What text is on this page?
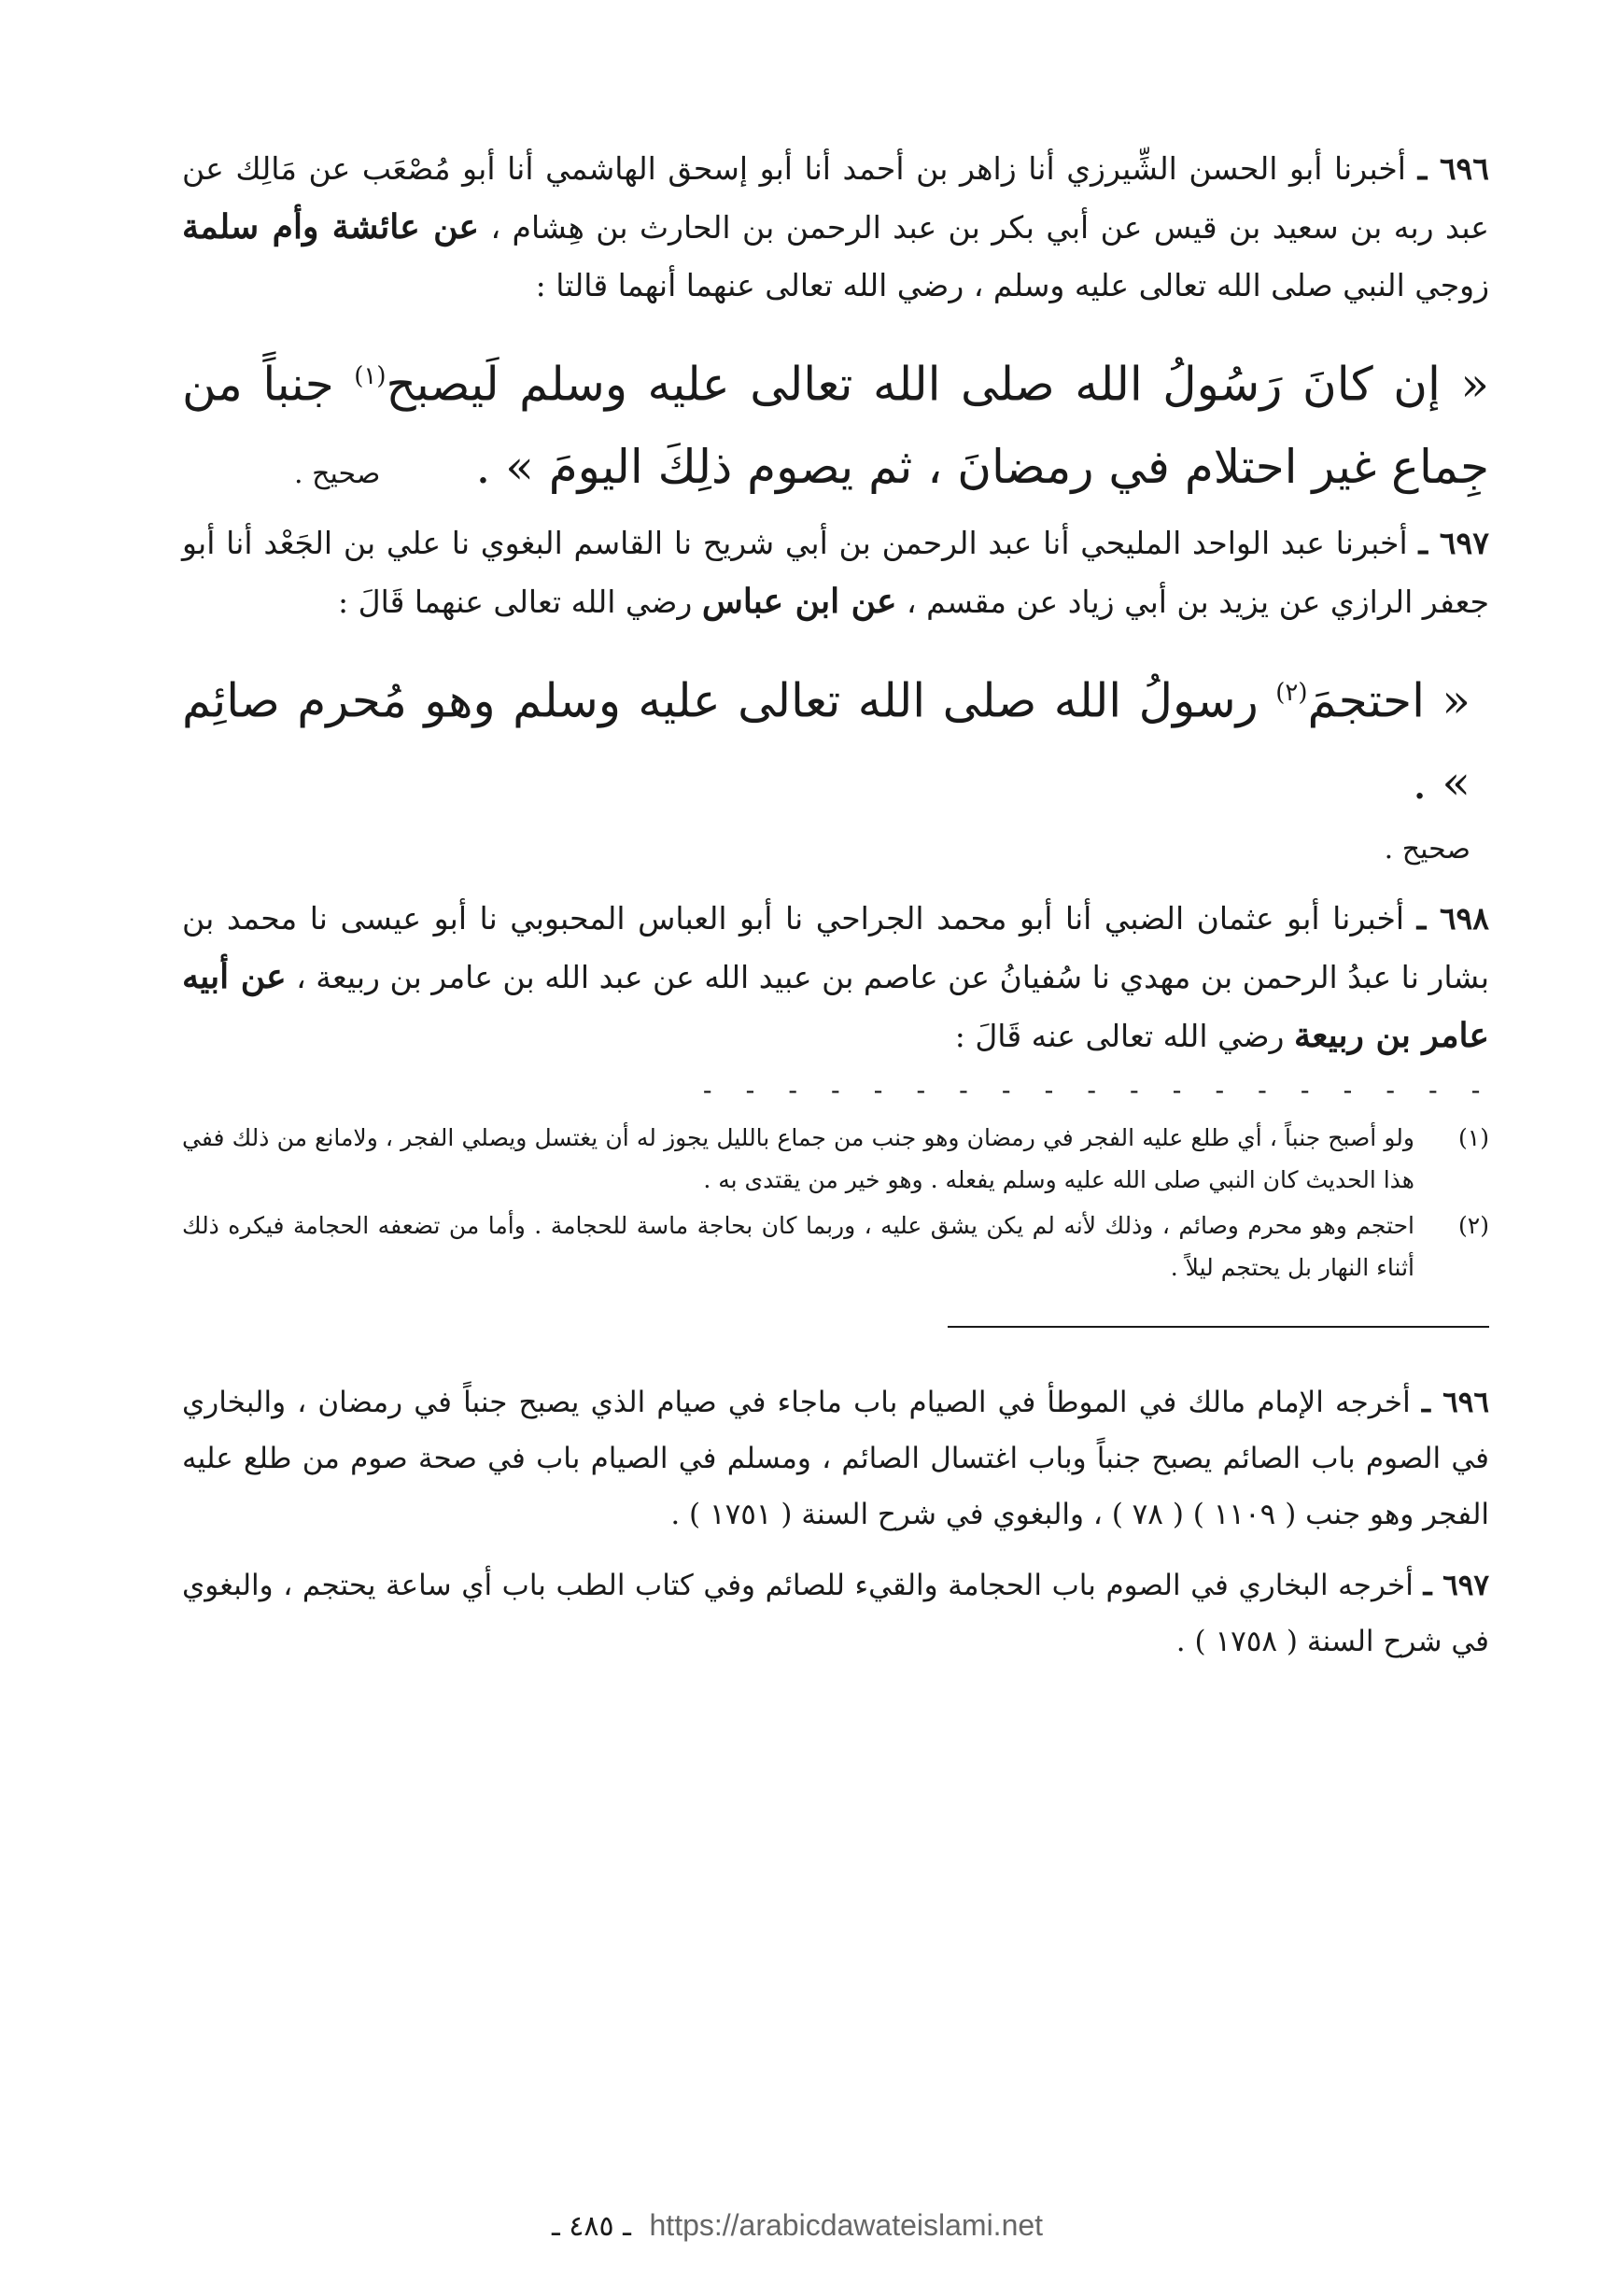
٦٩٦ ـ أخبرنا أبو الحسن الشِّيرزي أنا زاهر بن أحمد أنا أبو إسحق الهاشمي أنا أبو مُصْعَب عن مَالِك عن عبد ربه بن سعيد بن قيس عن أبي بكر بن عبد الرحمن بن الحارث بن هِشام ، عن عائشة وأم سلمة زوجي النبي صلى الله تعالى عليه وسلم ، رضي الله تعالى عنهما أنهما قالتا :

« إن كانَ رَسُولُ الله صلى الله تعالى عليه وسلم لَيصبح$^{(١)}$ جنباً من جِماع غير احتلام في رمضانَ ، ثم يصوم ذلِكَ اليومَ » .

صحيح .

٦٩٧ ـ أخبرنا عبد الواحد المليحي أنا عبد الرحمن بن أبي شريح نا القاسم البغوي نا علي بن الجَعْد أنا أبو جعفر الرازي عن يزيد بن أبي زياد عن مقسم ، عن ابن عباس رضي الله تعالى عنهما قَالَ :

« احتجمَ$^{(٢)}$ رسولُ الله صلى الله تعالى عليه وسلم وهو مُحرم صائِم » .

صحيح .

٦٩٨ ـ أخبرنا أبو عثمان الضبي أنا أبو محمد الجراحي نا أبو العباس المحبوبي نا أبو عيسى نا محمد بن بشار نا عبدُ الرحمن بن مهدي نا سُفيانُ عن عاصم بن عبيد الله عن عبد الله بن عامر بن ربيعة ، عن أبيه عامر بن ربيعة رضي الله تعالى عنه قَالَ :

- - - - - - - - - - - - - - - - - - -
(١)
ولو أصبح جنباً ، أي طلع عليه الفجر في رمضان وهو جنب من جماع باللیل یجوز له أن یغتسل ويصلي الفجر ، ولامانع من ذلك ففي هذا الحديث كان النبي صلى الله عليه وسلم يفعله . وهو خير من يقتدى به .
(٢)
احتجم وهو محرم وصائم ، وذلك لأنه لم يكن يشق عليه ، وربما كان بحاجة ماسة للحجامة . وأما من تضعفه الحجامة فيكره ذلك أثناء النهار بل يحتجم ليلاً .

٦٩٦ ـ أخرجه الإمام مالك في الموطأ في الصيام باب ماجاء في صيام الذي يصبح جنباً في رمضان ، والبخاري في الصوم باب الصائم يصبح جنباً وباب اغتسال الصائم ، ومسلم في الصيام باب في صحة صوم من طلع عليه الفجر وهو جنب ( ١١٠٩ ) ( ٧٨ ) ، والبغوي في شرح السنة ( ١٧٥١ ) .

٦٩٧ ـ أخرجه البخاري في الصوم باب الحجامة والقيء للصائم وفي كتاب الطب باب أي ساعة يحتجم ، والبغوي في شرح السنة ( ١٧٥٨ ) .

ـ ٤٨٥ ـ https://arabicdawateislami.net
